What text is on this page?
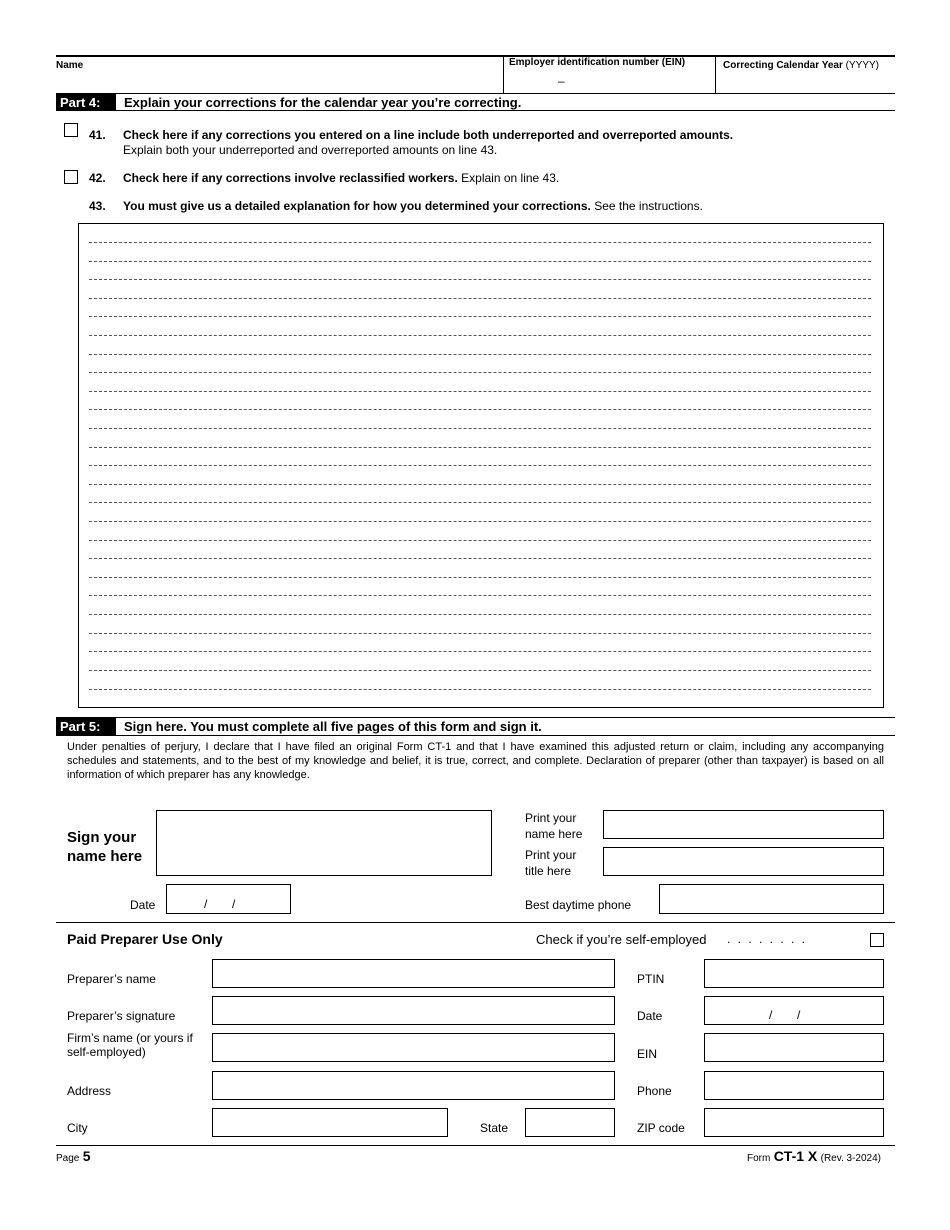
Name	Employer identification number (EIN)
–
Correcting Calendar Year (YYYY)
Part 4:	Explain your corrections for the calendar year you’re correcting.
41. Check here if any corrections you entered on a line include both underreported and overreported amounts.
Explain both your underreported and overreported amounts on line 43.
42. Check here if any corrections involve reclassified workers. Explain on line 43.
43. You must give us a detailed explanation for how you determined your corrections. See the instructions.
Part 5:	Sign here. You must complete all five pages of this form and sign it.
Under penalties of perjury, I declare that I have filed an original Form CT-1 and that I have examined this adjusted return or claim, including any accompanying schedules and statements, and to the best of my knowledge and belief, it is true, correct, and complete. Declaration of preparer (other than taxpayer) is based on all information of which preparer has any knowledge.
Sign your
name here
Print your
name here
Print your
title here
Date	/ /	Best daytime phone
Paid Preparer Use Only	Check if you’re self-employed . . . . . . . .
Preparer’s name	PTIN
Preparer’s signature	Date	/ /
Firm’s name (or yours if
self-employed)	EIN
Address	Phone
City	State	ZIP code
Page 5	Form CT-1 X (Rev. 3-2024)
